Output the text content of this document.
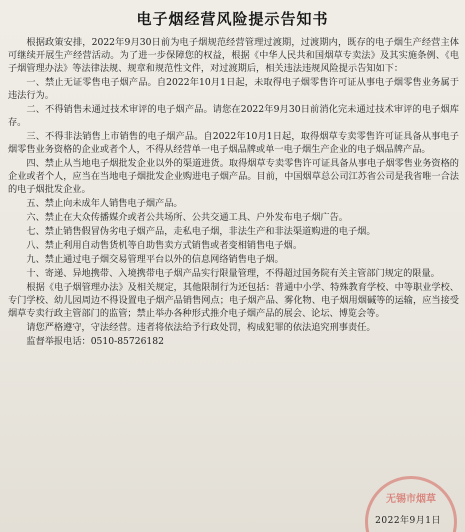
电子烟经营风险提示告知书

根据政策安排，2022年9月30日前为电子烟规范经营管理过渡期，过渡期内，既存的电子烟生产经营主体可继续开展生产经营活动。为了进一步保障您的权益，根据《中华人民共和国烟草专卖法》及其实施条例、《电子烟管理办法》等法律法规、规章和规范性文件，对过渡期后，相关违法违规风险提示告知如下：

一、禁止无证零售电子烟产品。自2022年10月1日起，未取得电子烟零售许可证从事电子烟零售业务属于违法行为。

二、不得销售未通过技术审评的电子烟产品。请您在2022年9月30日前消化完未通过技术审评的电子烟库存。

三、不得非法销售上市销售的电子烟产品。自2022年10月1日起，取得烟草专卖零售许可证具备从事电子烟零售业务资格的企业或者个人，不得从经营单一电子烟品牌或单一电子烟生产企业的电子烟品牌产品。

四、禁止从当地电子烟批发企业以外的渠道进货。取得烟草专卖零售许可证具备从事电子烟零售业务资格的企业或者个人，应当在当地电子烟批发企业购进电子烟产品。目前，中国烟草总公司江苏省公司是我省唯一合法的电子烟批发企业。

五、禁止向未成年人销售电子烟产品。

六、禁止在大众传播媒介或者公共场所、公共交通工具、户外发布电子烟广告。

七、禁止销售假冒伪劣电子烟产品，走私电子烟，非法生产和非法渠道购进的电子烟。

八、禁止利用自动售货机等自助售卖方式销售或者变相销售电子烟。

九、禁止通过电子烟交易管理平台以外的信息网络销售电子烟。

十、寄递、异地携带、入境携带电子烟产品实行限量管理，不得超过国务院有关主管部门规定的限量。

根据《电子烟管理办法》及相关规定，其他限制行为还包括：普通中小学、特殊教育学校、中等职业学校、专门学校、幼儿园周边不得设置电子烟产品销售网点；电子烟产品、雾化物、电子烟用烟碱等的运输，应当接受烟草专卖行政主管部门的监管；禁止举办各种形式推介电子烟产品的展会、论坛、博览会等。

请您严格遵守，守法经营。违者将依法给予行政处罚，构成犯罪的依法追究刑事责任。

监督举报电话：0510-85726182

无锡市烟草
2022年9月1日
